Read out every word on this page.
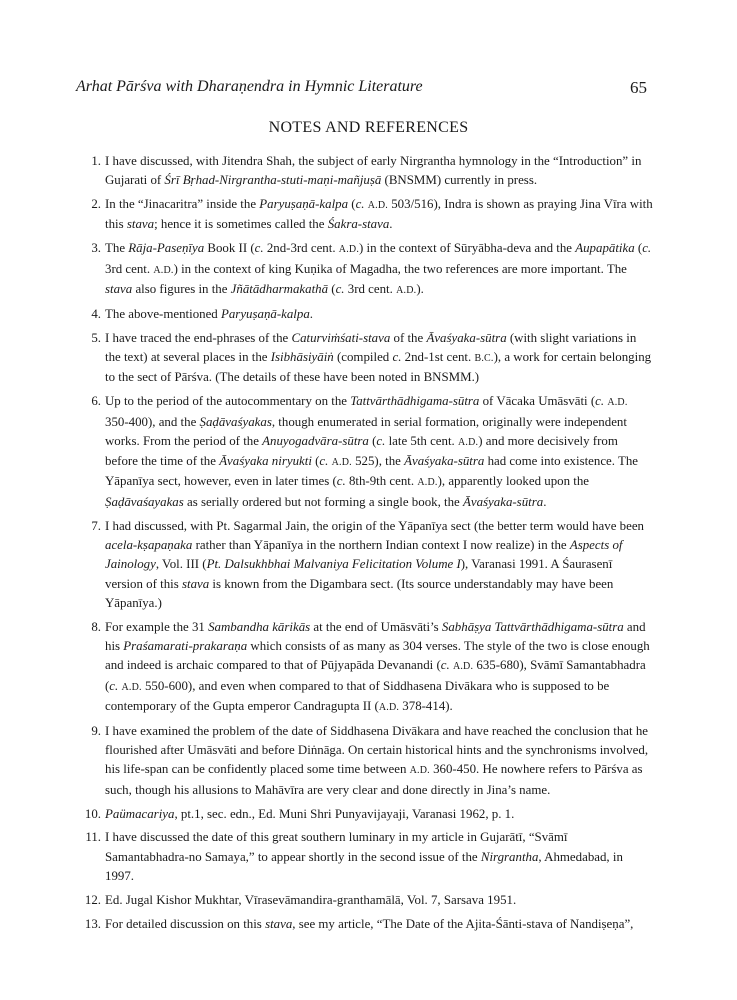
Arhat Pārśva with Dharaṇendra in Hymnic Literature	65
NOTES AND REFERENCES
1. I have discussed, with Jitendra Shah, the subject of early Nirgrantha hymnology in the “Introduction” in Gujarati of Śrī Bṛhad-Nirgrantha-stuti-maṇi-mañjuṣā (BNSMM) currently in press.
2. In the “Jinacaritra” inside the Paryuṣaṇā-kalpa (c. A.D. 503/516), Indra is shown as praying Jina Vīra with this stava; hence it is sometimes called the Śakra-stava.
3. The Rāja-Paseṇīya Book II (c. 2nd-3rd cent. A.D.) in the context of Sūryābha-deva and the Aupapātika (c. 3rd cent. A.D.) in the context of king Kuṇika of Magadha, the two references are more important. The stava also figures in the Jñātādharmakathā (c. 3rd cent. A.D.).
4. The above-mentioned Paryuṣaṇā-kalpa.
5. I have traced the end-phrases of the Caturviṁśati-stava of the Āvaśyaka-sūtra (with slight variations in the text) at several places in the Isibhāsiyāiṅ (compiled c. 2nd-1st cent. B.C.), a work for certain belonging to the sect of Pārśva. (The details of these have been noted in BNSMM.)
6. Up to the period of the autocommentary on the Tattvārthādhigama-sūtra of Vācaka Umāsvāti (c. A.D. 350-400), and the Ṣaḍāvaśyakas, though enumerated in serial formation, originally were independent works. From the period of the Anuyogadvāra-sūtra (c. late 5th cent. A.D.) and more decisively from before the time of the Āvaśyaka niryukti (c. A.D. 525), the Āvaśyaka-sūtra had come into existence. The Yāpanīya sect, however, even in later times (c. 8th-9th cent. A.D.), apparently looked upon the Ṣaḍāvaśayakas as serially ordered but not forming a single book, the Āvaśyaka-sūtra.
7. I had discussed, with Pt. Sagarmal Jain, the origin of the Yāpanīya sect (the better term would have been acela-kṣapaṇaka rather than Yāpanīya in the northern Indian context I now realize) in the Aspects of Jainology, Vol. III (Pt. Dalsukhbhai Malvaniya Felicitation Volume I), Varanasi 1991. A Śaurasenī version of this stava is known from the Digambara sect. (Its source understandably may have been Yāpanīya.)
8. For example the 31 Sambandha kārikās at the end of Umāsvāti’s Sabhāṣya Tattvārthādhigama-sūtra and his Praśamarati-prakaraṇa which consists of as many as 304 verses. The style of the two is close enough and indeed is archaic compared to that of Pūjyapāda Devanandi (c. A.D. 635-680), Svāmī Samantabhadra (c. A.D. 550-600), and even when compared to that of Siddhasena Divākara who is supposed to be contemporary of the Gupta emperor Candragupta II (A.D. 378-414).
9. I have examined the problem of the date of Siddhasena Divākara and have reached the conclusion that he flourished after Umāsvāti and before Diṅnāga. On certain historical hints and the synchronisms involved, his life-span can be confidently placed some time between A.D. 360-450. He nowhere refers to Pārśva as such, though his allusions to Mahāvīra are very clear and done directly in Jina’s name.
10. Paümacariya, pt.1, sec. edn., Ed. Muni Shri Punyavijayaji, Varanasi 1962, p. 1.
11. I have discussed the date of this great southern luminary in my article in Gujarātī, “Svāmī Samantabhadra-no Samaya,” to appear shortly in the second issue of the Nirgrantha, Ahmedabad, in 1997.
12. Ed. Jugal Kishor Mukhtar, Vīrasevāmandira-granthamālā, Vol. 7, Sarsava 1951.
13. For detailed discussion on this stava, see my article, “The Date of the Ajita-Śānti-stava of Nandiṣeṇa”,
